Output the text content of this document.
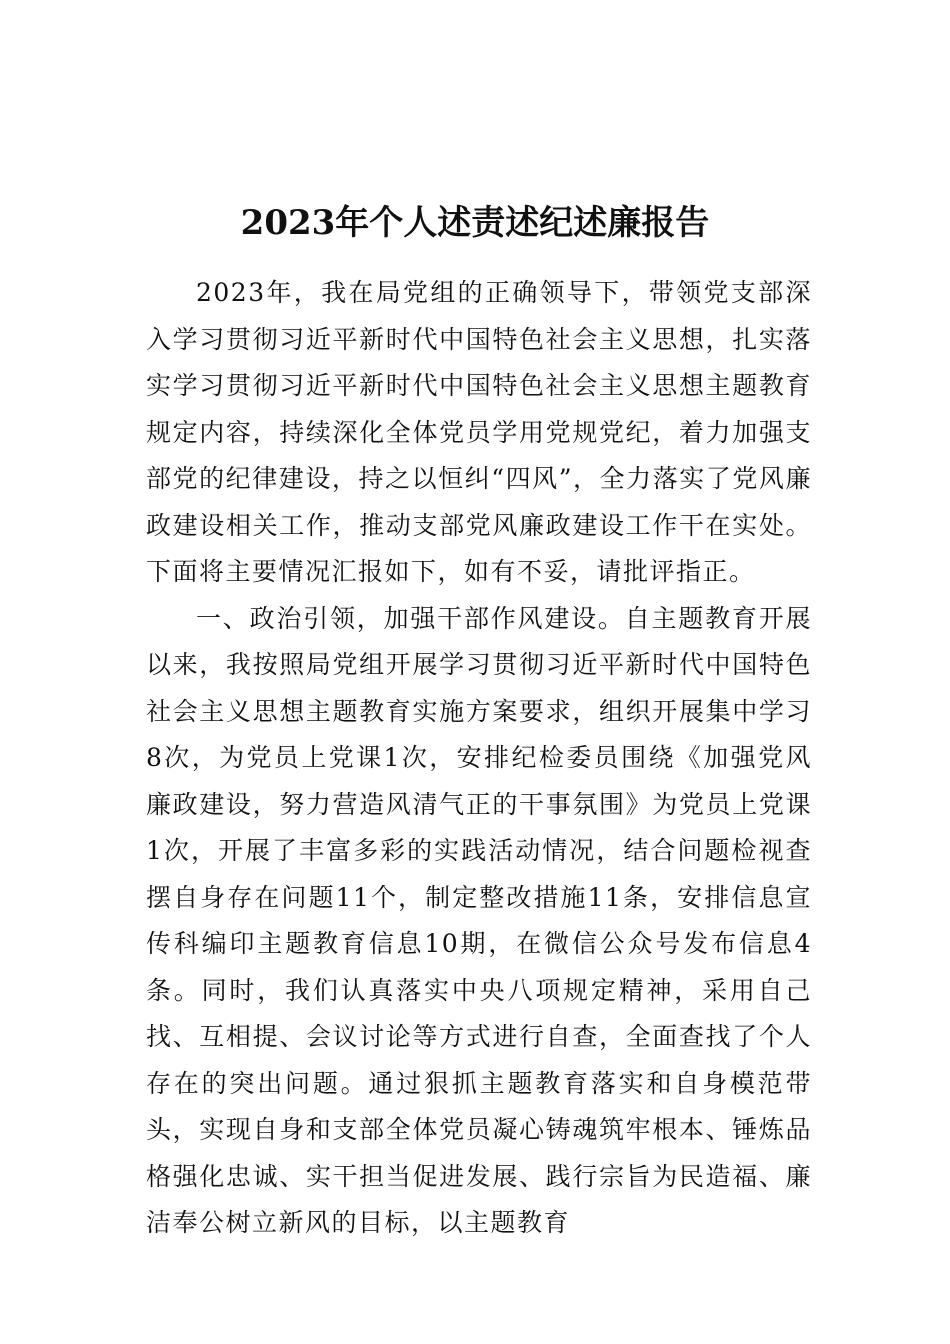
2023年个人述责述纪述廉报告

2023年，我在局党组的正确领导下，带领党支部深入学习贯彻习近平新时代中国特色社会主义思想，扎实落实学习贯彻习近平新时代中国特色社会主义思想主题教育规定内容，持续深化全体党员学用党规党纪，着力加强支部党的纪律建设，持之以恒纠“四风”，全力落实了党风廉政建设相关工作，推动支部党风廉政建设工作干在实处。下面将主要情况汇报如下，如有不妥，请批评指正。

一、政治引领，加强干部作风建设。自主题教育开展以来，我按照局党组开展学习贯彻习近平新时代中国特色社会主义思想主题教育实施方案要求，组织开展集中学习8次，为党员上党课1次，安排纪检委员围绕《加强党风廉政建设，努力营造风清气正的干事氛围》为党员上党课1次，开展了丰富多彩的实践活动情况，结合问题检视查摆自身存在问题11个，制定整改措施11条，安排信息宣传科编印主题教育信息10期，在微信公众号发布信息4条。同时，我们认真落实中央八项规定精神，采用自己找、互相提、会议讨论等方式进行自查，全面查找了个人存在的突出问题。通过狠抓主题教育落实和自身模范带头，实现自身和支部全体党员凝心铸魂筑牢根本、锤炼品格强化忠诚、实干担当促进发展、践行宗旨为民造福、廉洁奉公树立新风的目标，以主题教育
